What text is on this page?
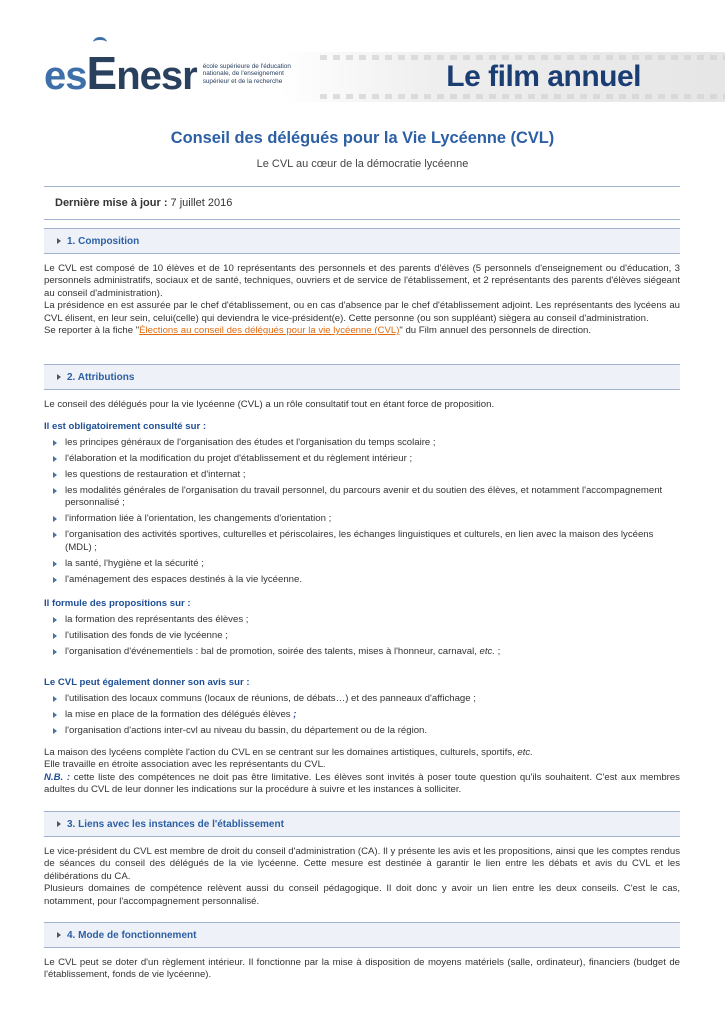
esEnesr école supérieure de l'éducation
nationale, de l'enseignement
supérieur et de la recherche	Le film annuel
Conseil des délégués pour la Vie Lycéenne (CVL)
Le CVL au cœur de la démocratie lycéenne
Dernière mise à jour : 7 juillet 2016
1. Composition
Le CVL est composé de 10 élèves et de 10 représentants des personnels et des parents d'élèves (5 personnels d'enseignement ou d'éducation, 3 personnels administratifs, sociaux et de santé, techniques, ouvriers et de service de l'établissement, et 2 représentants des parents d'élèves siégeant au conseil d'administration).
La présidence en est assurée par le chef d'établissement, ou en cas d'absence par le chef d'établissement adjoint. Les représentants des lycéens au CVL élisent, en leur sein, celui(celle) qui deviendra le vice-président(e). Cette personne (ou son suppléant) siègera au conseil d'administration.
Se reporter à la fiche "Élections au conseil des délégués pour la vie lycéenne (CVL)" du Film annuel des personnels de direction.
2. Attributions
Le conseil des délégués pour la vie lycéenne (CVL) a un rôle consultatif tout en étant force de proposition.
Il est obligatoirement consulté sur :
les principes généraux de l'organisation des études et l'organisation du temps scolaire ;
l'élaboration et la modification du projet d'établissement et du règlement intérieur ;
les questions de restauration et d'internat ;
les modalités générales de l'organisation du travail personnel, du parcours avenir et du soutien des élèves, et notamment l'accompagnement personnalisé ;
l'information liée à l'orientation, les changements d'orientation ;
l'organisation des activités sportives, culturelles et périscolaires, les échanges linguistiques et culturels, en lien avec la maison des lycéens (MDL) ;
la santé, l'hygiène et la sécurité ;
l'aménagement des espaces destinés à la vie lycéenne.
Il formule des propositions sur :
la formation des représentants des élèves ;
l'utilisation des fonds de vie lycéenne ;
l'organisation d'événementiels : bal de promotion, soirée des talents, mises à l'honneur, carnaval, etc. ;
Le CVL peut également donner son avis sur :
l'utilisation des locaux communs (locaux de réunions, de débats…) et des panneaux d'affichage ;
la mise en place de la formation des délégués élèves ;
l'organisation d'actions inter-cvl au niveau du bassin, du département ou de la région.
La maison des lycéens complète l'action du CVL en se centrant sur les domaines artistiques, culturels, sportifs, etc.
Elle travaille en étroite association avec les représentants du CVL.
N.B. : cette liste des compétences ne doit pas être limitative. Les élèves sont invités à poser toute question qu'ils souhaitent. C'est aux membres adultes du CVL de leur donner les indications sur la procédure à suivre et les instances à solliciter.
3. Liens avec les instances de l'établissement
Le vice-président du CVL est membre de droit du conseil d'administration (CA). Il y présente les avis et les propositions, ainsi que les comptes rendus de séances du conseil des délégués de la vie lycéenne. Cette mesure est destinée à garantir le lien entre les débats et avis du CVL et les délibérations du CA.
Plusieurs domaines de compétence relèvent aussi du conseil pédagogique. Il doit donc y avoir un lien entre les deux conseils. C'est le cas, notamment, pour l'accompagnement personnalisé.
4. Mode de fonctionnement
Le CVL peut se doter d'un règlement intérieur. Il fonctionne par la mise à disposition de moyens matériels (salle, ordinateur), financiers (budget de l'établissement, fonds de vie lycéenne).
